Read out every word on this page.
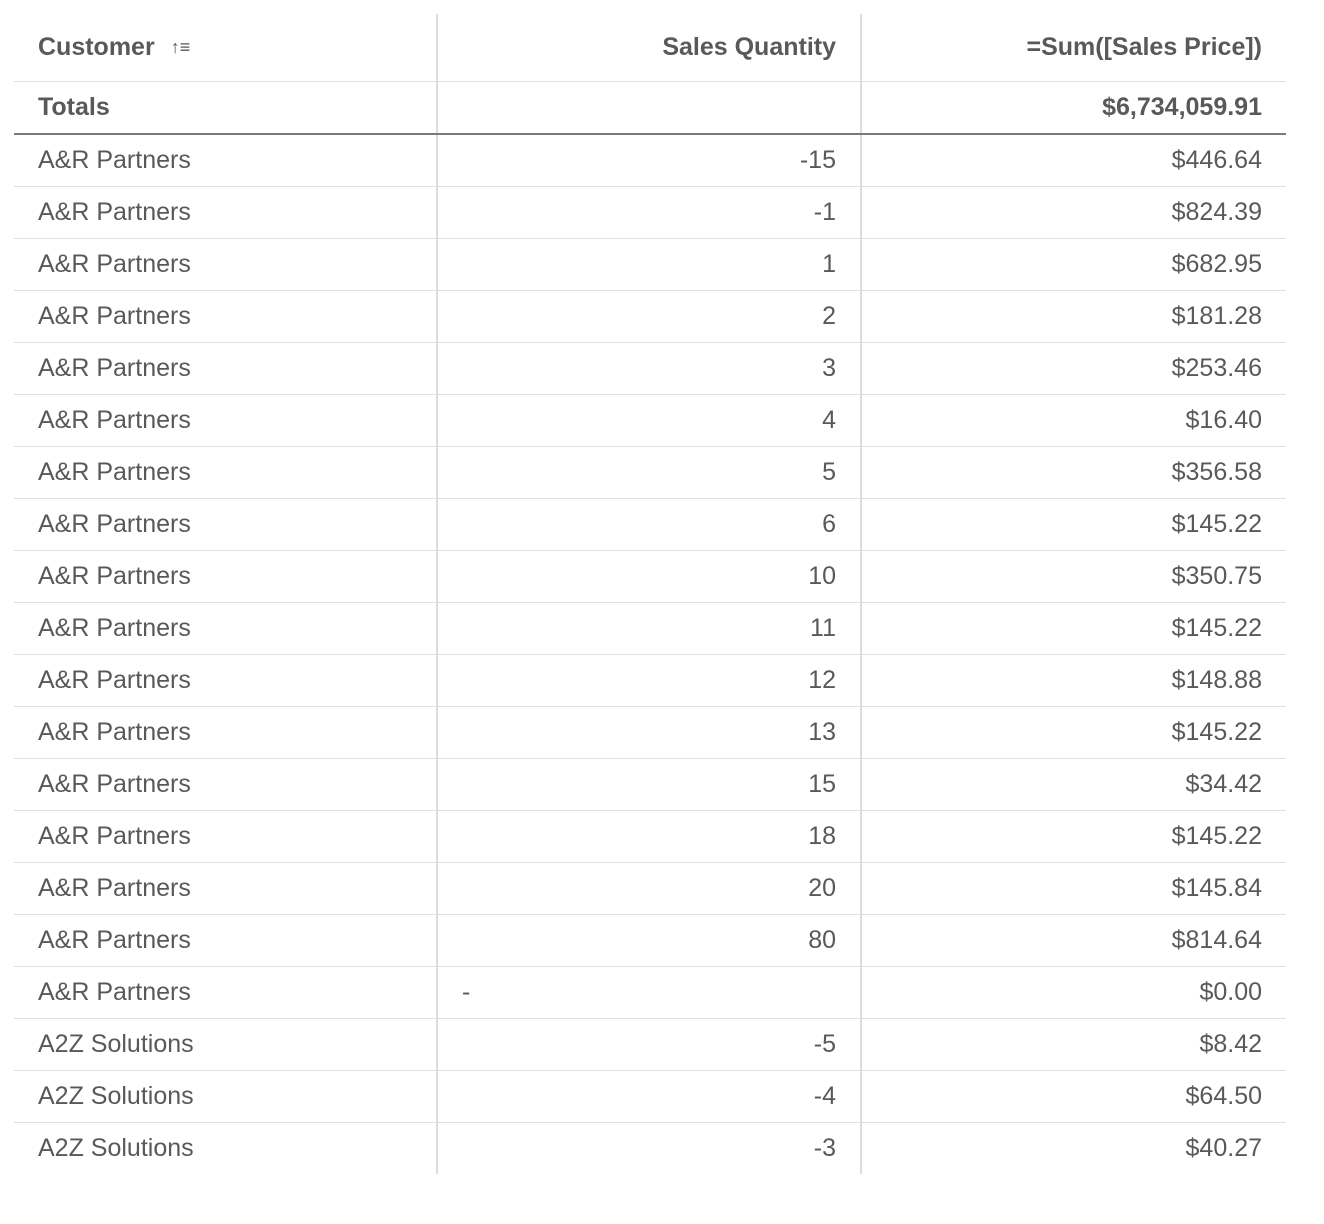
Customer ↑≡	Sales Quantity	=Sum([Sales Price])
Totals		$6,734,059.91
A&R Partners	-15	$446.64
A&R Partners	-1	$824.39
A&R Partners	1	$682.95
A&R Partners	2	$181.28
A&R Partners	3	$253.46
A&R Partners	4	$16.40
A&R Partners	5	$356.58
A&R Partners	6	$145.22
A&R Partners	10	$350.75
A&R Partners	11	$145.22
A&R Partners	12	$148.88
A&R Partners	13	$145.22
A&R Partners	15	$34.42
A&R Partners	18	$145.22
A&R Partners	20	$145.84
A&R Partners	80	$814.64
A&R Partners	-	$0.00
A2Z Solutions	-5	$8.42
A2Z Solutions	-4	$64.50
A2Z Solutions	-3	$40.27
